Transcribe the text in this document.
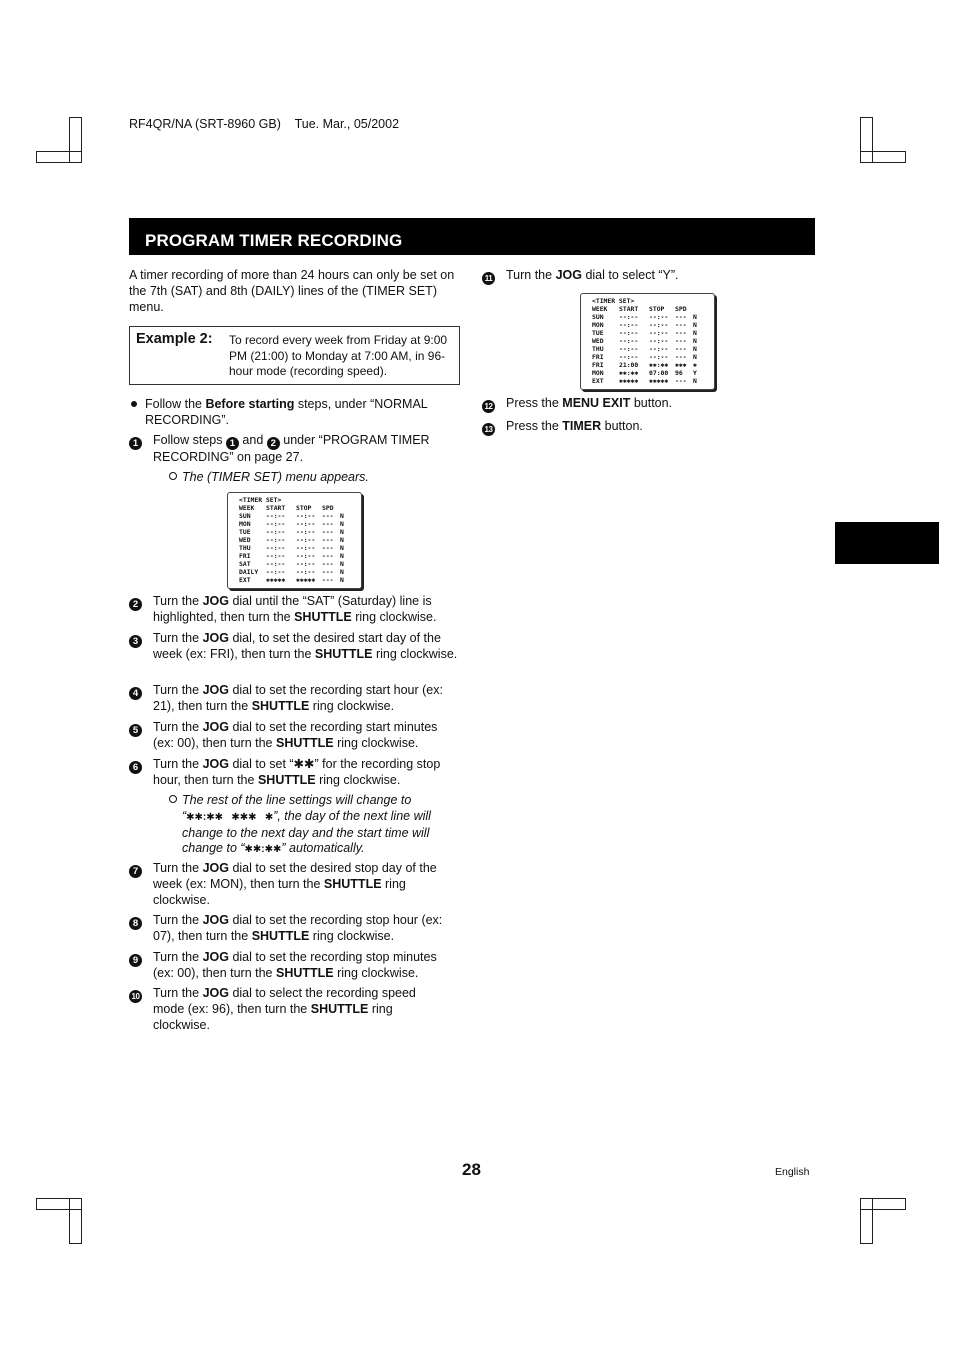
RF4QR/NA (SRT-8960 GB)    Tue. Mar., 05/2002
PROGRAM TIMER RECORDING
A timer recording of more than 24 hours can only be set on the 7th (SAT) and 8th (DAILY) lines of the (TIMER SET) menu.
Example 2: To record every week from Friday at 9:00 PM (21:00) to Monday at 7:00 AM, in 96-hour mode (recording speed).
Follow the Before starting steps, under “NORMAL RECORDING”.
1	Follow steps 1 and 2 under “PROGRAM TIMER RECORDING” on page 27.
The (TIMER SET) menu appears.
<TIMER SET>
WEEK START STOP SPD
SUN --:-- --:-- --- N
MON --:-- --:-- --- N
TUE --:-- --:-- --- N
WED --:-- --:-- --- N
THU --:-- --:-- --- N
FRI --:-- --:-- --- N
SAT --:-- --:-- --- N
DAILY --:-- --:-- --- N
EXT ✱✱✱✱✱ ✱✱✱✱✱ --- N
2	Turn the JOG dial until the “SAT” (Saturday) line is highlighted, then turn the SHUTTLE ring clockwise.
3	Turn the JOG dial, to set the desired start day of the week (ex: FRI), then turn the SHUTTLE ring clockwise.
4	Turn the JOG dial to set the recording start hour (ex: 21), then turn the SHUTTLE ring clockwise.
5	Turn the JOG dial to set the recording start minutes (ex: 00), then turn the SHUTTLE ring clockwise.
6	Turn the JOG dial to set “✱✱” for the recording stop hour, then turn the SHUTTLE ring clockwise.
The rest of the line settings will change to “✱✱:✱✱   ✱✱✱   ✱”, the day of the next line will change to the next day and the start time will change to “✱✱:✱✱” automatically.
7	Turn the JOG dial to set the desired stop day of the week (ex: MON), then turn the SHUTTLE ring clockwise.
8	Turn the JOG dial to set the recording stop hour (ex: 07), then turn the SHUTTLE ring clockwise.
9	Turn the JOG dial to set the recording stop minutes (ex: 00), then turn the SHUTTLE ring clockwise.
10	Turn the JOG dial to select the recording speed mode (ex: 96), then turn the SHUTTLE ring clockwise.
11	Turn the JOG dial to select “Y”.
<TIMER SET>
WEEK START STOP SPD
SUN --:-- --:-- --- N
MON --:-- --:-- --- N
TUE --:-- --:-- --- N
WED --:-- --:-- --- N
THU --:-- --:-- --- N
FRI --:-- --:-- --- N
FRI 21:00 ✱✱:✱✱ ✱✱✱ ✱
MON ✱✱:✱✱ 07:00 96 Y
EXT ✱✱✱✱✱ ✱✱✱✱✱ --- N
12	Press the MENU EXIT button.
13	Press the TIMER button.
28	English
